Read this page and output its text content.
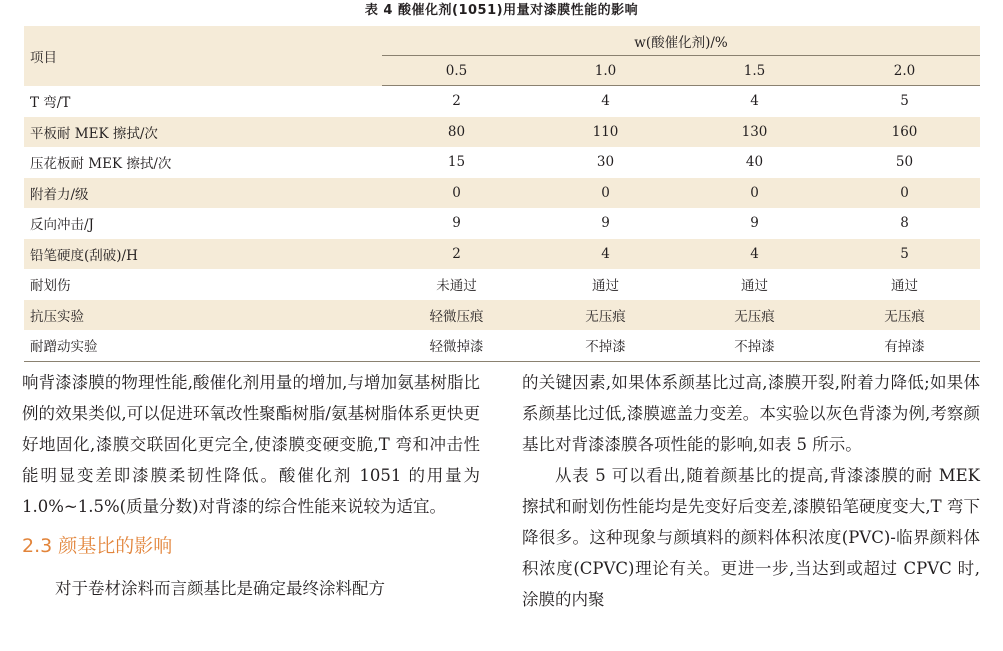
表 4 酸催化剂(1051)用量对漆膜性能的影响
项目	w(酸催化剂)/%			
	0.5	1.0	1.5	2.0
T 弯/T	2	4	4	5
平板耐 MEK 擦拭/次	80	110	130	160
压花板耐 MEK 擦拭/次	15	30	40	50
附着力/级	0	0	0	0
反向冲击/J	9	9	9	8
铅笔硬度(刮破)/H	2	4	4	5
耐划伤	未通过	通过	通过	通过
抗压实验	轻微压痕	无压痕	无压痕	无压痕
耐蹭动实验	轻微掉漆	不掉漆	不掉漆	有掉漆

响背漆漆膜的物理性能,酸催化剂用量的增加,与增加氨基树脂比例的效果类似,可以促进环氧改性聚酯树脂/氨基树脂体系更快更好地固化,漆膜交联固化更完全,使漆膜变硬变脆,T 弯和冲击性能明显变差即漆膜柔韧性降低。酸催化剂 1051 的用量为 1.0%~1.5%(质量分数)对背漆的综合性能来说较为适宜。

2.3 颜基比的影响

对于卷材涂料而言颜基比是确定最终涂料配方

的关键因素,如果体系颜基比过高,漆膜开裂,附着力降低;如果体系颜基比过低,漆膜遮盖力变差。本实验以灰色背漆为例,考察颜基比对背漆漆膜各项性能的影响,如表 5 所示。

从表 5 可以看出,随着颜基比的提高,背漆漆膜的耐 MEK 擦拭和耐划伤性能均是先变好后变差,漆膜铅笔硬度变大,T 弯下降很多。这种现象与颜填料的颜料体积浓度(PVC)-临界颜料体积浓度(CPVC)理论有关。更进一步,当达到或超过 CPVC 时,涂膜的内聚
